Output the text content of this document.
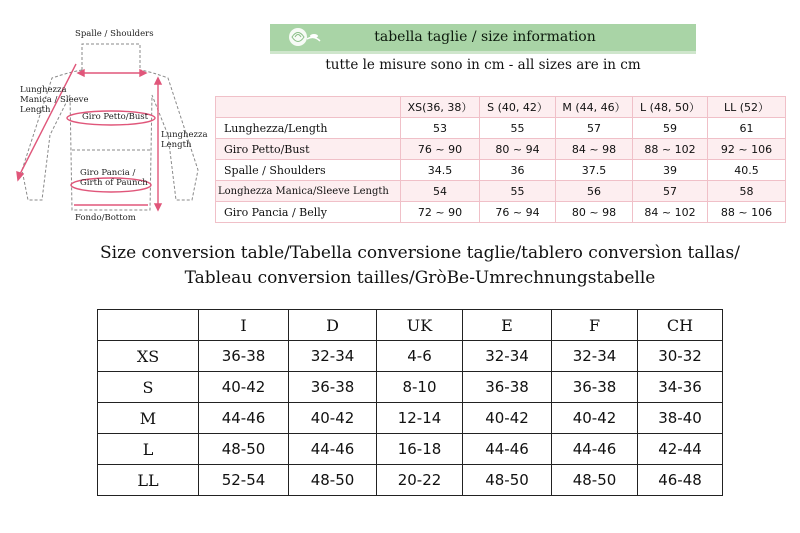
Spalle / Shoulders
Lunghezza Manica / Sleeve Length
Giro Petto/Bust
Lunghezza Length
Giro Pancia / Girth of Paunch
Fondo/Bottom
tabella taglie / size information
tutte le misure sono in cm - all sizes are in cm
	XS(36, 38）	S (40, 42）	M (44, 46）	L (48, 50）	LL (52）
Lunghezza/Length	53	55	57	59	61
Giro Petto/Bust	76 ~ 90	80 ~ 94	84 ~ 98	88 ~ 102	92 ~ 106
Spalle / Shoulders	34.5	36	37.5	39	40.5
Longhezza Manica/Sleeve Length	54	55	56	57	58
Giro Pancia / Belly	72 ~ 90	76 ~ 94	80 ~ 98	84 ~ 102	88 ~ 106
Size conversion table/Tabella conversione taglie/tablero conversìon tallas/
Tableau conversion tailles/GròBe-Umrechnungstabelle
	I	D	UK	E	F	CH
XS	36-38	32-34	4-6	32-34	32-34	30-32
S	40-42	36-38	8-10	36-38	36-38	34-36
M	44-46	40-42	12-14	40-42	40-42	38-40
L	48-50	44-46	16-18	44-46	44-46	42-44
LL	52-54	48-50	20-22	48-50	48-50	46-48
